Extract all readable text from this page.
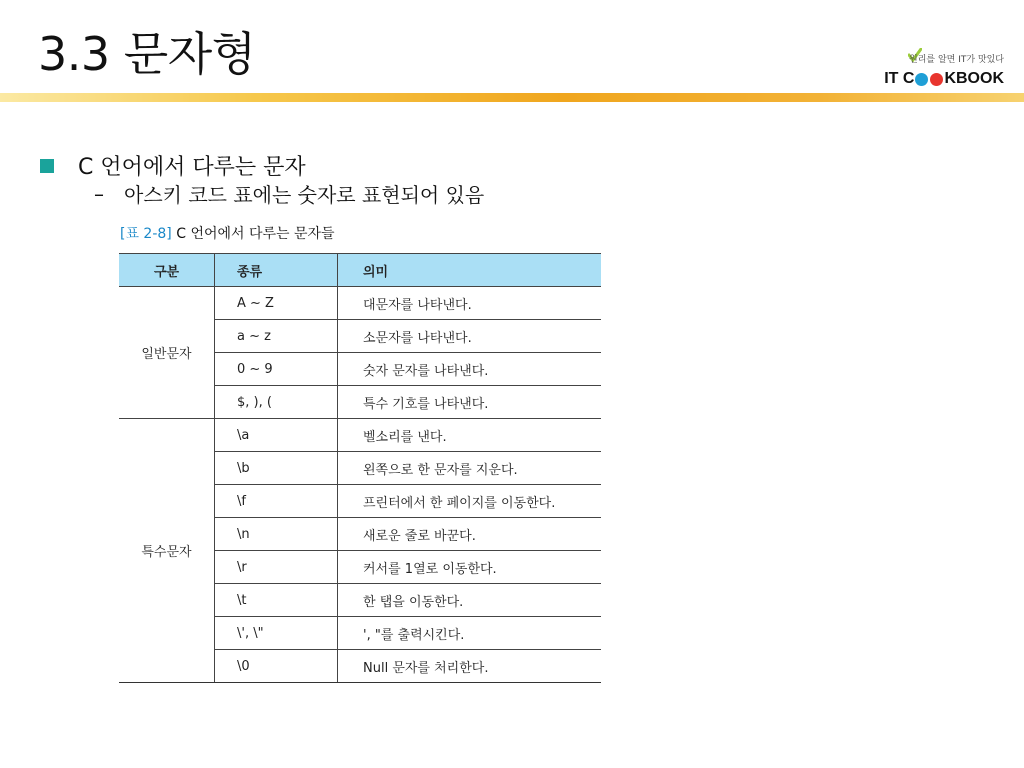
3.3 문자형	원리를 알면 IT가 맛있다
IT C KBOOK
C 언어에서 다루는 문자
– 아스키 코드 표에는 숫자로 표현되어 있음
[표 2-8] C 언어에서 다루는 문자들
구분	종류	의미
일반문자	A ~ Z	대문자를 나타낸다.
	a ~ z	소문자를 나타낸다.
	0 ~ 9	숫자 문자를 나타낸다.
	$, ), (	특수 기호를 나타낸다.
특수문자	\a	벨소리를 낸다.
	\b	왼쪽으로 한 문자를 지운다.
	\f	프린터에서 한 페이지를 이동한다.
	\n	새로운 줄로 바꾼다.
	\r	커서를 1열로 이동한다.
	\t	한 탭을 이동한다.
	\', \"	', "를 출력시킨다.
	\0	Null 문자를 처리한다.
